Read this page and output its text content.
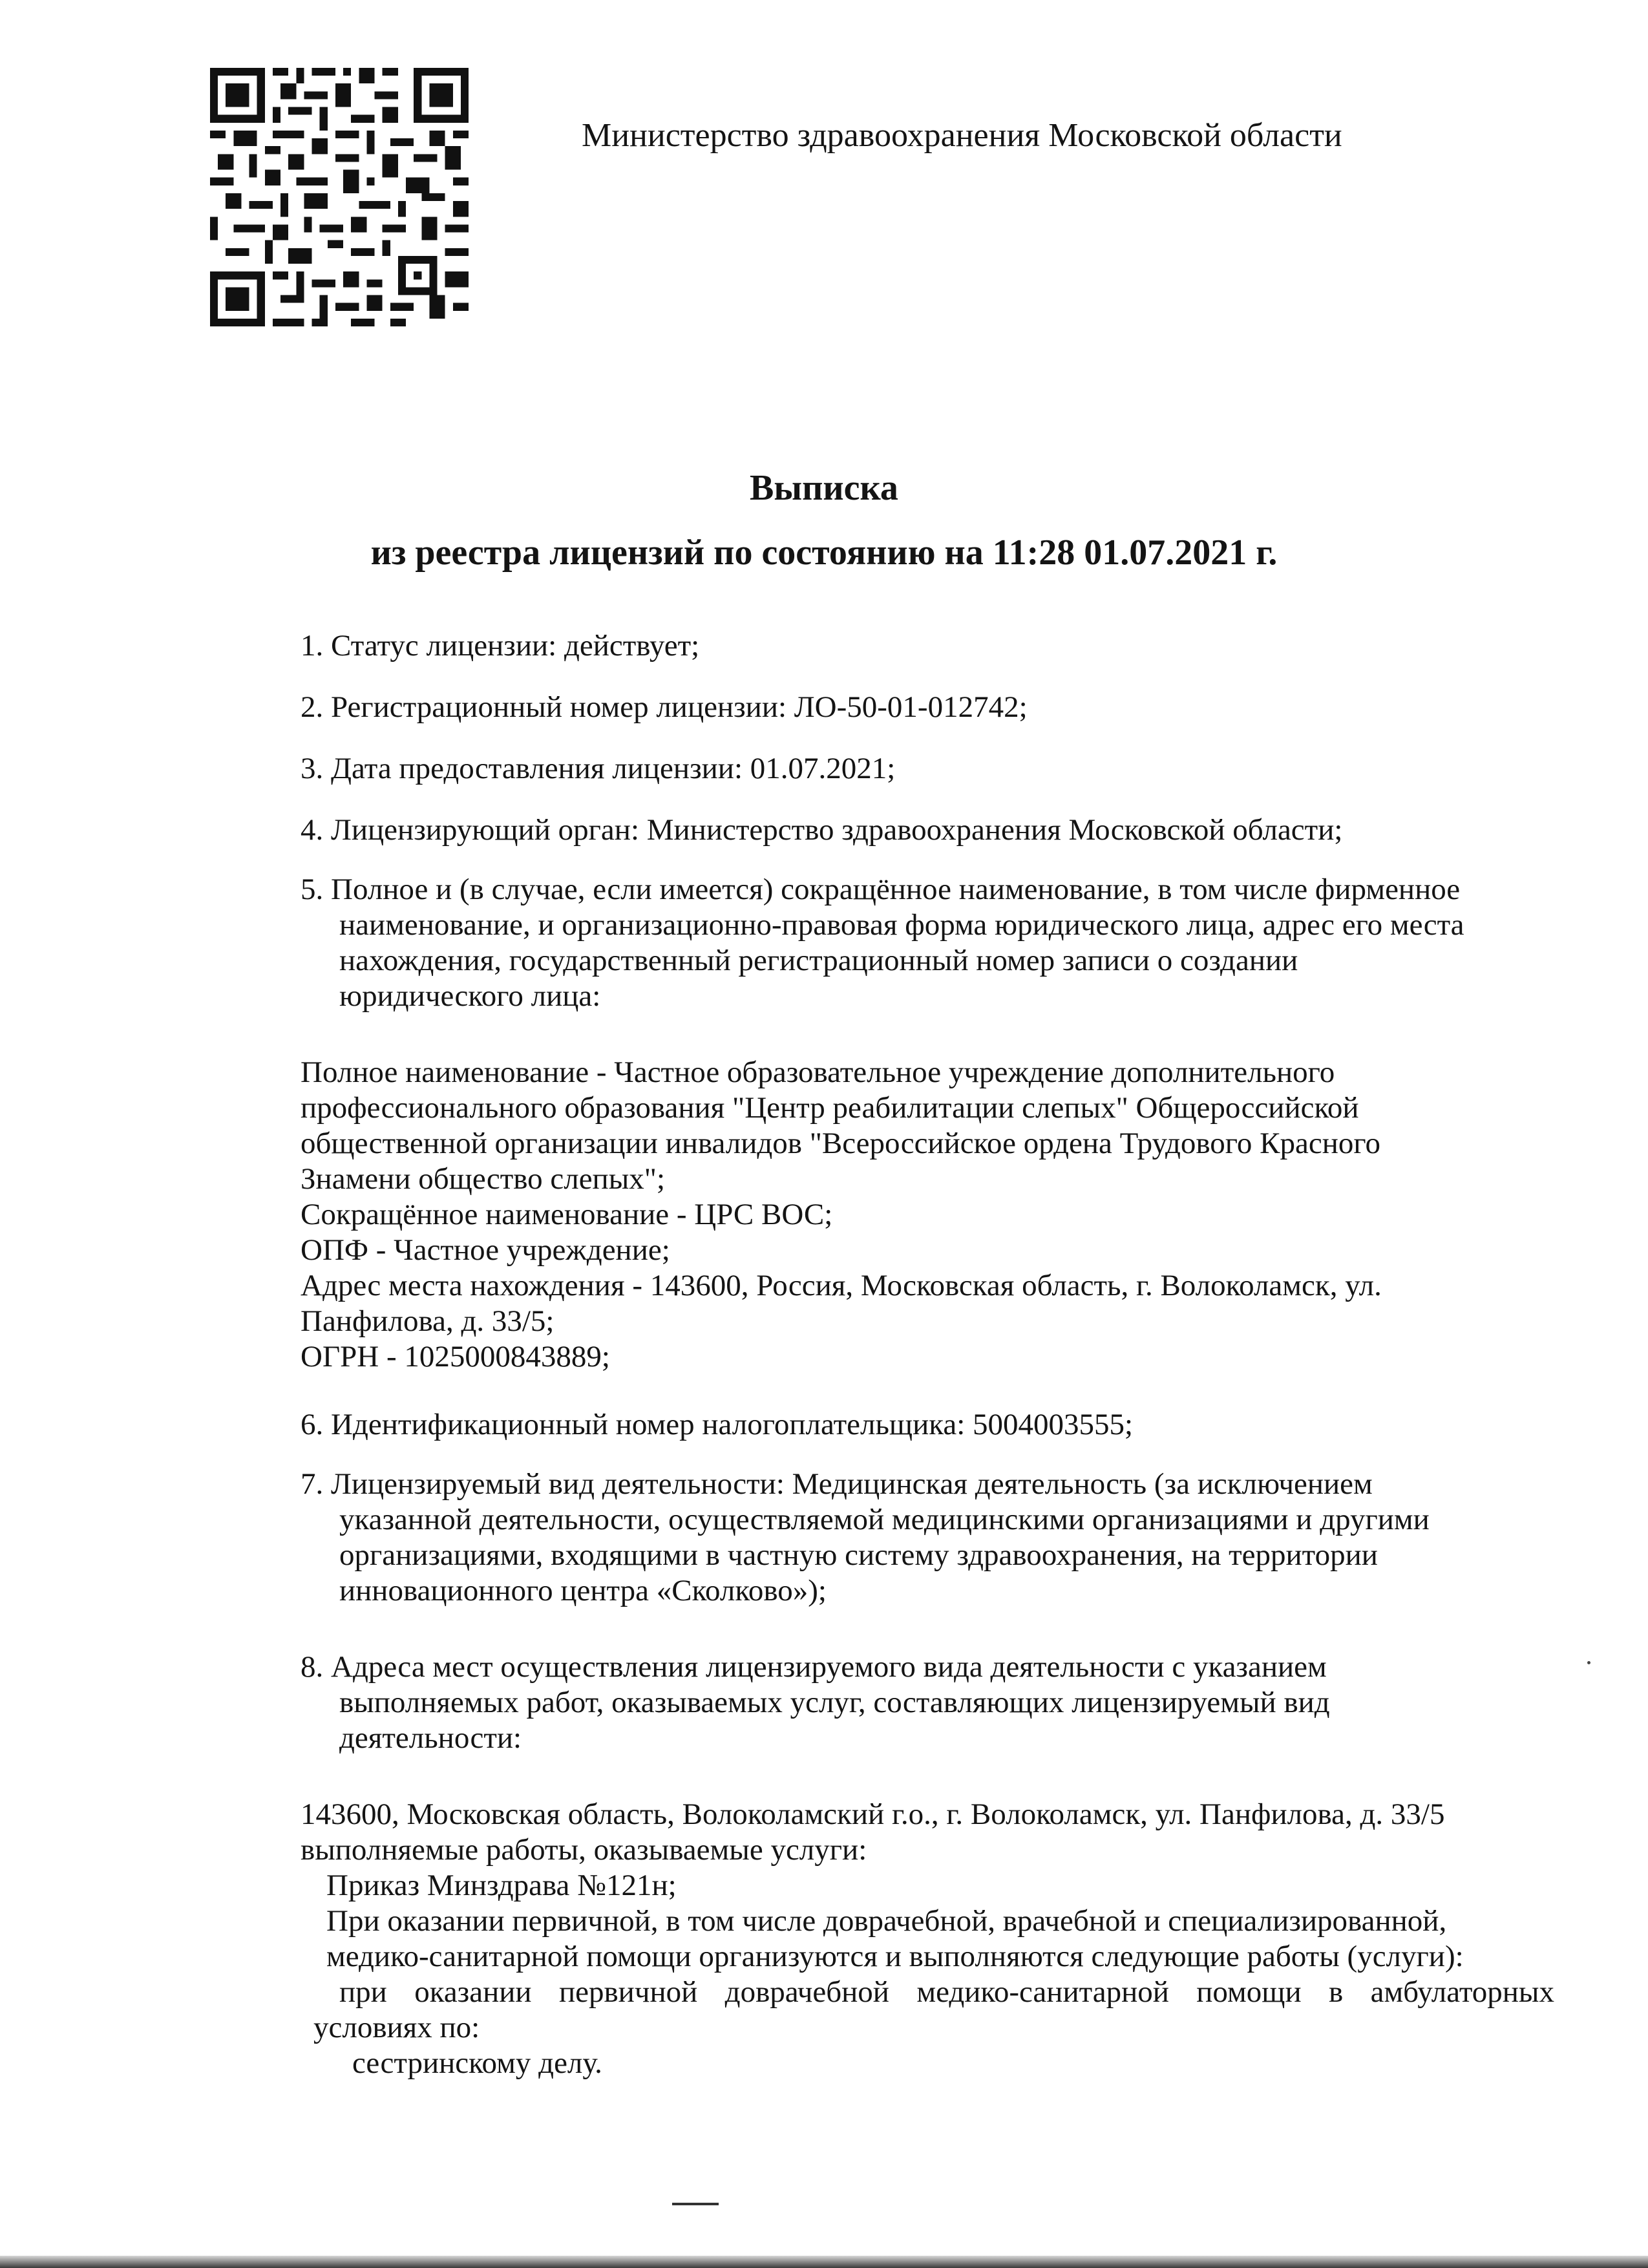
Министерство здравоохранения Московской области
Выписка
из реестра лицензий по состоянию на 11:28 01.07.2021 г.
1. Статус лицензии: действует;
2. Регистрационный номер лицензии: ЛО-50-01-012742;
3. Дата предоставления лицензии: 01.07.2021;
4. Лицензирующий орган: Министерство здравоохранения Московской области;
5. Полное и (в случае, если имеется) сокращённое наименование, в том числе фирменное
наименование, и организационно-правовая форма юридического лица, адрес его места
нахождения, государственный регистрационный номер записи о создании
юридического лица:
Полное наименование - Частное образовательное учреждение дополнительного
профессионального образования "Центр реабилитации слепых" Общероссийской
общественной организации инвалидов "Всероссийское ордена Трудового Красного
Знамени общество слепых";
Сокращённое наименование - ЦРС ВОС;
ОПФ - Частное учреждение;
Адрес места нахождения - 143600, Россия, Московская область, г. Волоколамск, ул.
Панфилова, д. 33/5;
ОГРН - 1025000843889;
6. Идентификационный номер налогоплательщика: 5004003555;
7. Лицензируемый вид деятельности: Медицинская деятельность (за исключением
указанной деятельности, осуществляемой медицинскими организациями и другими
организациями, входящими в частную систему здравоохранения, на территории
инновационного центра «Сколково»);
8. Адреса мест осуществления лицензируемого вида деятельности с указанием
выполняемых работ, оказываемых услуг, составляющих лицензируемый вид
деятельности:
143600, Московская область, Волоколамский г.о., г. Волоколамск, ул. Панфилова, д. 33/5
выполняемые работы, оказываемые услуги:
Приказ Минздрава №121н;
При оказании первичной, в том числе доврачебной, врачебной и специализированной,
медико-санитарной помощи организуются и выполняются следующие работы (услуги):
при оказании первичной доврачебной медико-санитарной помощи в амбулаторных
условиях по:
сестринскому делу.
